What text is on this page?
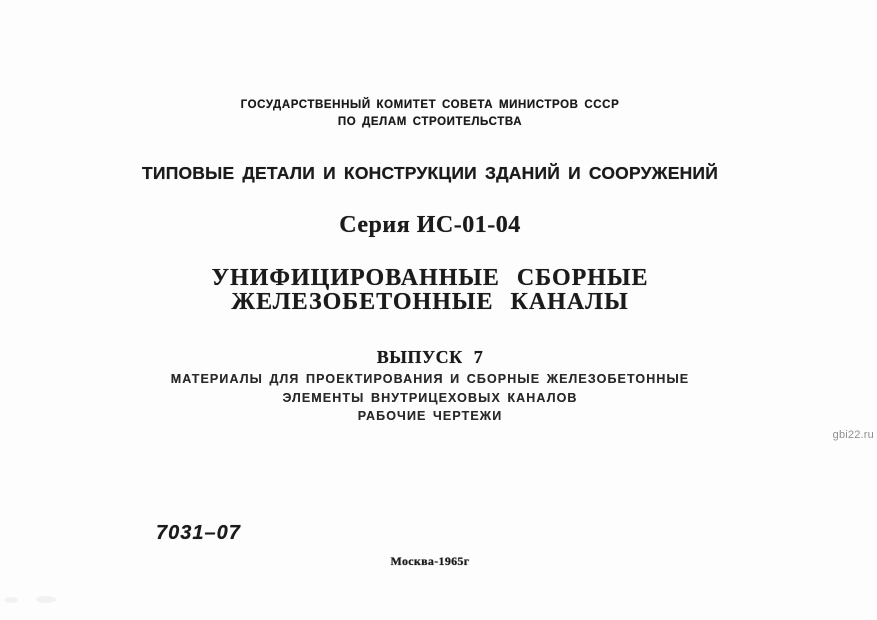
ГОСУДАРСТВЕННЫЙ КОМИТЕТ СОВЕТА МИНИСТРОВ СССР
ПО ДЕЛАМ СТРОИТЕЛЬСТВА
ТИПОВЫЕ ДЕТАЛИ И КОНСТРУКЦИИ ЗДАНИЙ И СООРУЖЕНИЙ
Серия ИС-01-04
УНИФИЦИРОВАННЫЕ СБОРНЫЕ
ЖЕЛЕЗОБЕТОННЫЕ КАНАЛЫ
ВЫПУСК 7
МАТЕРИАЛЫ ДЛЯ ПРОЕКТИРОВАНИЯ И СБОРНЫЕ ЖЕЛЕЗОБЕТОННЫЕ
ЭЛЕМЕНТЫ ВНУТРИЦЕХОВЫХ КАНАЛОВ
РАБОЧИЕ ЧЕРТЕЖИ
gbi22.ru
7031–07
Москва-1965г
